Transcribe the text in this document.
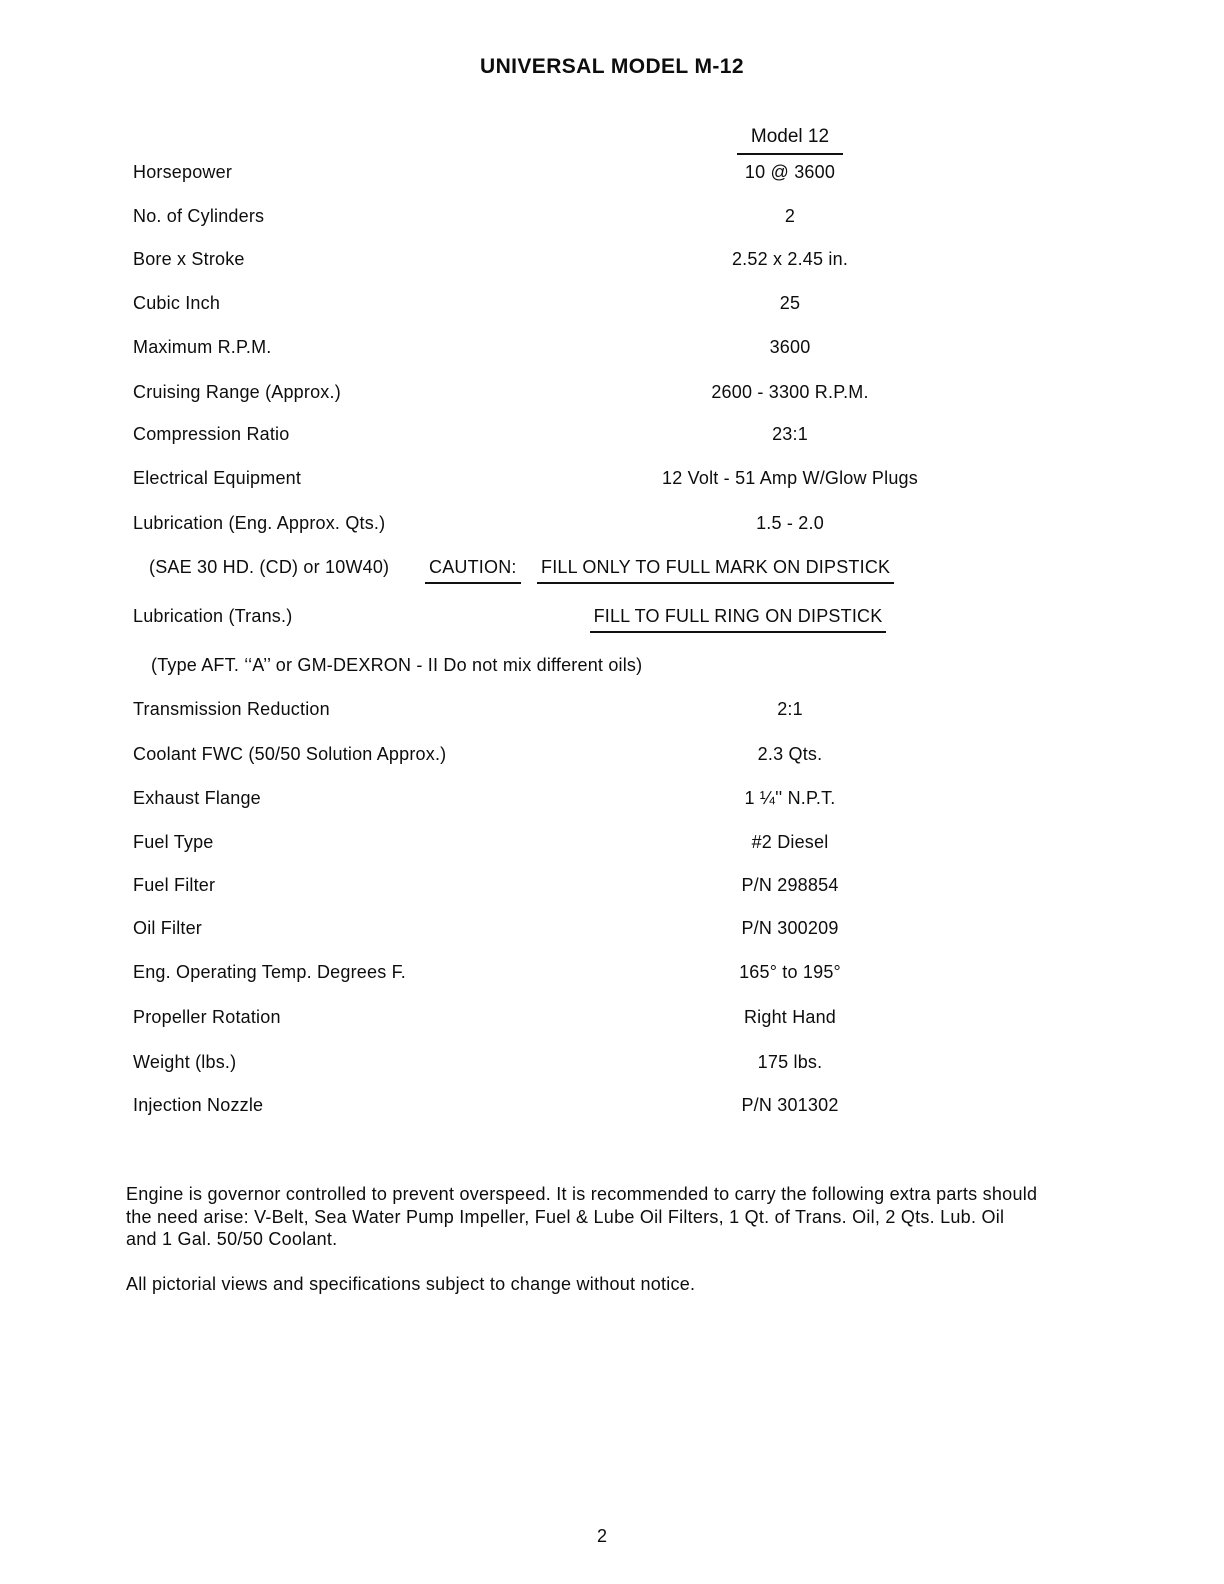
UNIVERSAL MODEL M-12
Model 12
Horsepower	10 @ 3600
No. of Cylinders	2
Bore x Stroke	2.52 x 2.45 in.
Cubic Inch	25
Maximum R.P.M.	3600
Cruising Range (Approx.)	2600 - 3300 R.P.M.
Compression Ratio	23:1
Electrical Equipment	12 Volt - 51 Amp W/Glow Plugs
Lubrication (Eng. Approx. Qts.)	1.5 - 2.0
(SAE 30 HD. (CD) or 10W40) CAUTION: FILL ONLY TO FULL MARK ON DIPSTICK
Lubrication (Trans.)	FILL TO FULL RING ON DIPSTICK
(Type AFT. ‘‘A’’ or GM-DEXRON - II Do not mix different oils)
Transmission Reduction	2:1
Coolant FWC (50/50 Solution Approx.)	2.3 Qts.
Exhaust Flange	1 ¼'' N.P.T.
Fuel Type	#2 Diesel
Fuel Filter	P/N 298854
Oil Filter	P/N 300209
Eng. Operating Temp. Degrees F.	165° to 195°
Propeller Rotation	Right Hand
Weight (lbs.)	175 lbs.
Injection Nozzle	P/N 301302
Engine is governor controlled to prevent overspeed. It is recommended to carry the following extra parts should
the need arise: V-Belt, Sea Water Pump Impeller, Fuel & Lube Oil Filters, 1 Qt. of Trans. Oil, 2 Qts. Lub. Oil
and 1 Gal. 50/50 Coolant.
All pictorial views and specifications subject to change without notice.
2
